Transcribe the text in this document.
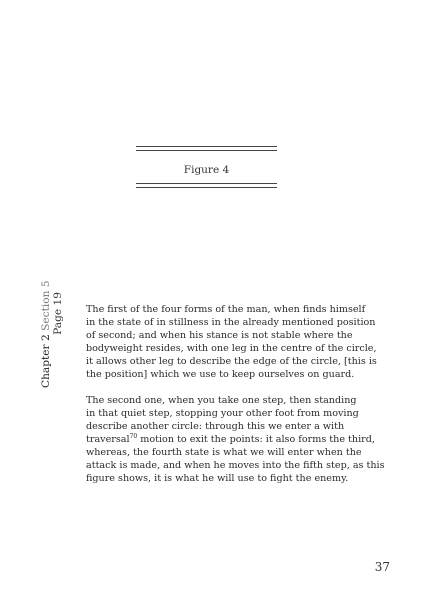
Figure 4
Chapter 2 Section 5 Page 19 The first of the four forms of the man, when finds himself
in the state of in stillness in the already mentioned position
of second; and when his stance is not stable where the
bodyweight resides, with one leg in the centre of the circle,
it allows other leg to describe the edge of the circle, [this is
the position] which we use to keep ourselves on guard.
The second one, when you take one step, then standing
in that quiet step, stopping your other foot from moving
describe another circle: through this we enter a with
traversal$^{70}$ motion to exit the points: it also forms the third,
whereas, the fourth state is what we will enter when the
attack is made, and when he moves into the fifth step, as this
figure shows, it is what he will use to fight the enemy.
37
